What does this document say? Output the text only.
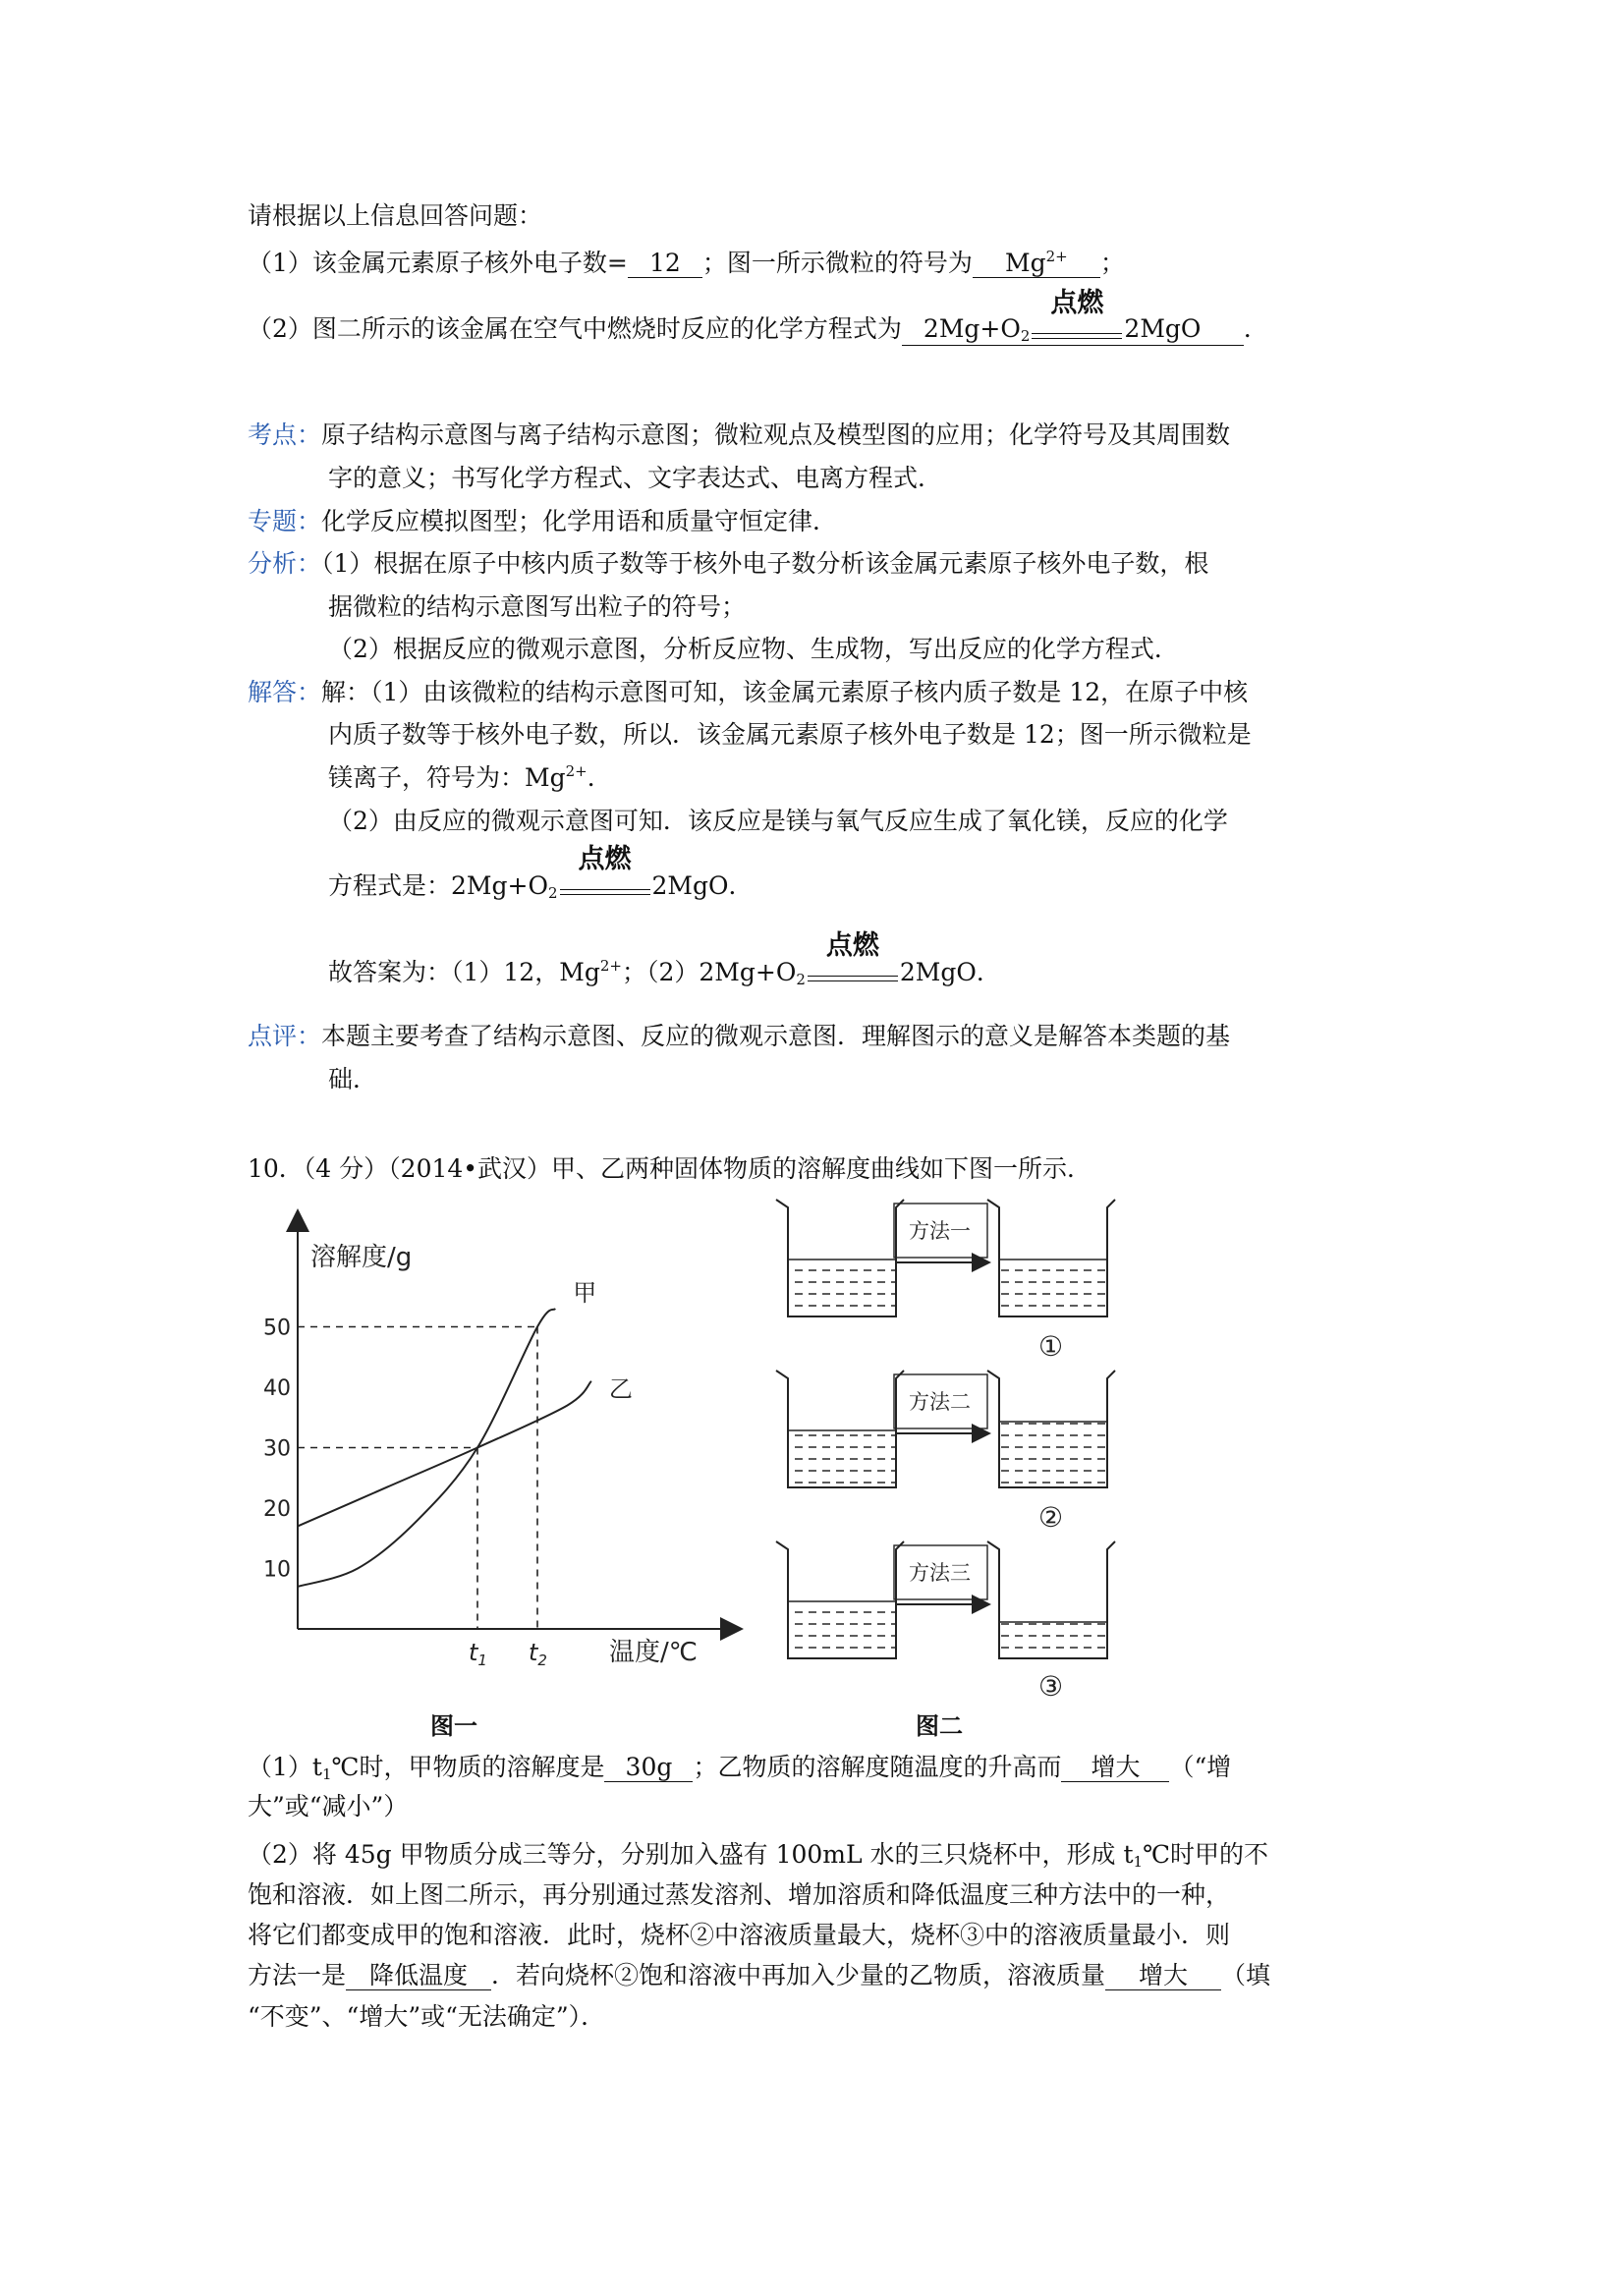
请根据以上信息回答问题：
（1）该金属元素原子核外电子数= 12 ；图一所示微粒的符号为 $Mg^{2+}$ ；
（2）图二所示的该金属在空气中燃烧时反应的化学方程式为 $2Mg+O_2$
点燃
2MgO ．
考点：原子结构示意图与离子结构示意图；微粒观点及模型图的应用；化学符号及其周围数
字的意义；书写化学方程式、文字表达式、电离方程式．
专题：化学反应模拟图型；化学用语和质量守恒定律．
分析：（1）根据在原子中核内质子数等于核外电子数分析该金属元素原子核外电子数，根
据微粒的结构示意图写出粒子的符号；
（2）根据反应的微观示意图，分析反应物、生成物，写出反应的化学方程式．
解答：解：（1）由该微粒的结构示意图可知，该金属元素原子核内质子数是 12，在原子中核
内质子数等于核外电子数，所以．该金属元素原子核外电子数是 12；图一所示微粒是
镁离子，符号为：$Mg^{2+}$．
（2）由反应的微观示意图可知．该反应是镁与氧气反应生成了氧化镁，反应的化学
方程式是：$2Mg+O_2$
点燃
2MgO．
故答案为：（1）12，$Mg^{2+}$；$(2)2Mg+O_2$
点燃
2MgO．
点评：本题主要考查了结构示意图、反应的微观示意图．理解图示的意义是解答本类题的基
础．
10．（4 分）（2014•武汉）甲、乙两种固体物质的溶解度曲线如下图一所示．
溶解度/g
温度/℃
10
20
30
40
50
$t_1$ $t_2$
甲
乙
图一
方法一
①
方法二
②
方法三
③
图二
$(1)t_1℃$时，甲物质的溶解度是 30g ；乙物质的溶解度随温度的升高而 增大 （“增
大”或“减小”）
（2）将 45g 甲物质分成三等分，分别加入盛有 100mL 水的三只烧杯中，形成 $t_1℃$时甲的不
饱和溶液．如上图二所示，再分别通过蒸发溶剂、增加溶质和降低温度三种方法中的一种，
将它们都变成甲的饱和溶液．此时，烧杯②中溶液质量最大，烧杯③中的溶液质量最小．则
方法一是 降低温度 ．若向烧杯②饱和溶液中再加入少量的乙物质，溶液质量 增大 （填
“不变”、“增大”或“无法确定”）．
